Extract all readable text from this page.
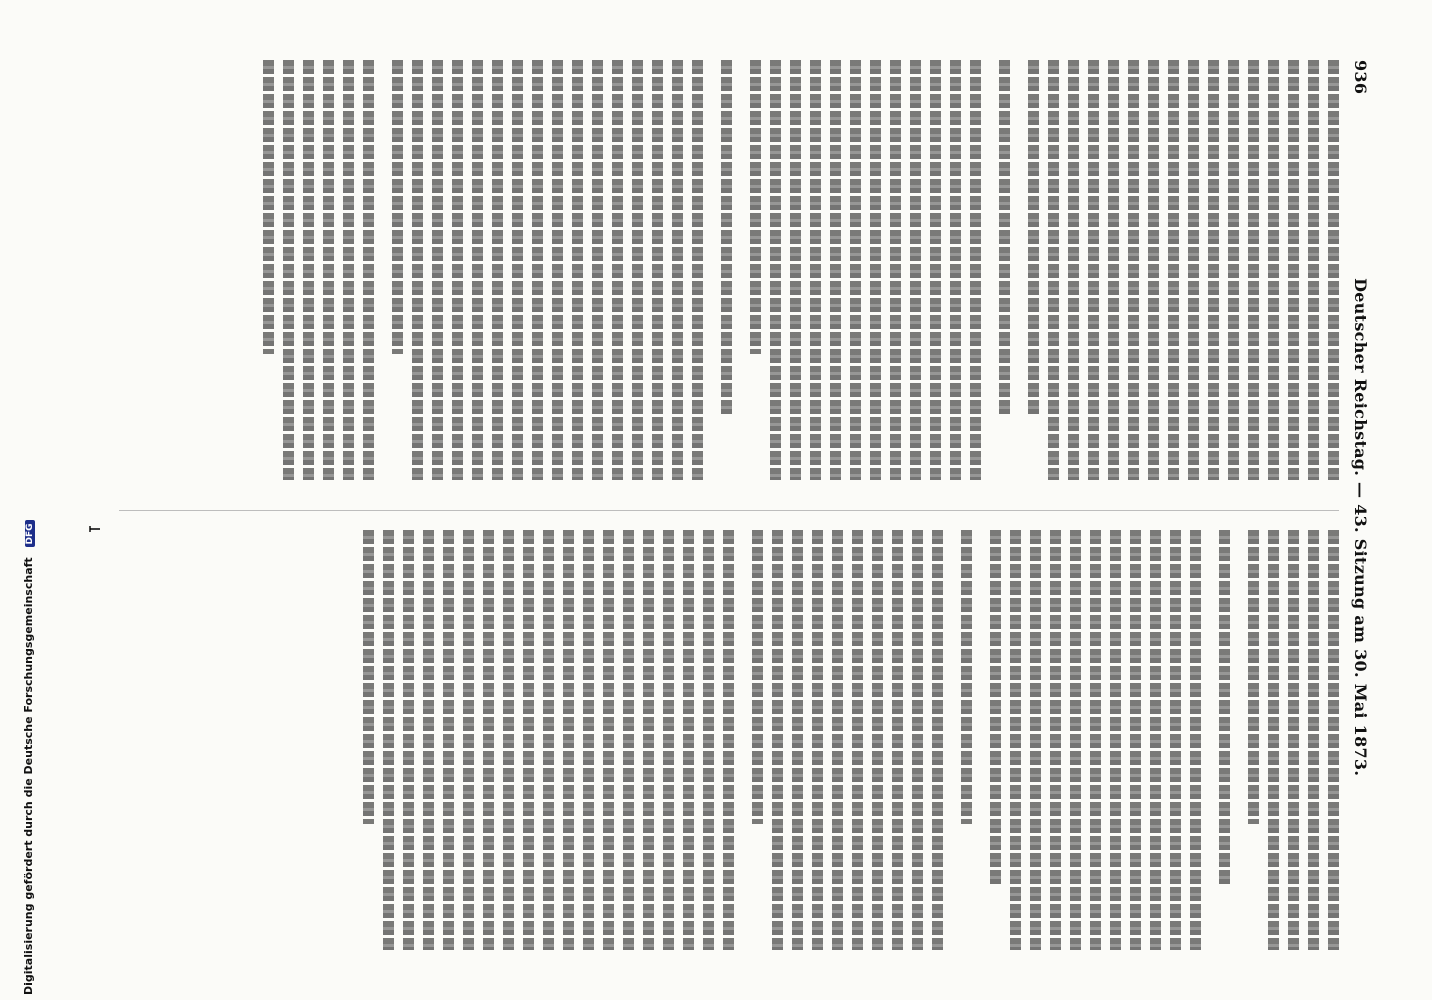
936
Deutscher Reichstag. — 43. Sitzung am 30. Mai 1873.
Digitalisierung gefördert durch die Deutsche Forschungsgemeinschaft DFG
